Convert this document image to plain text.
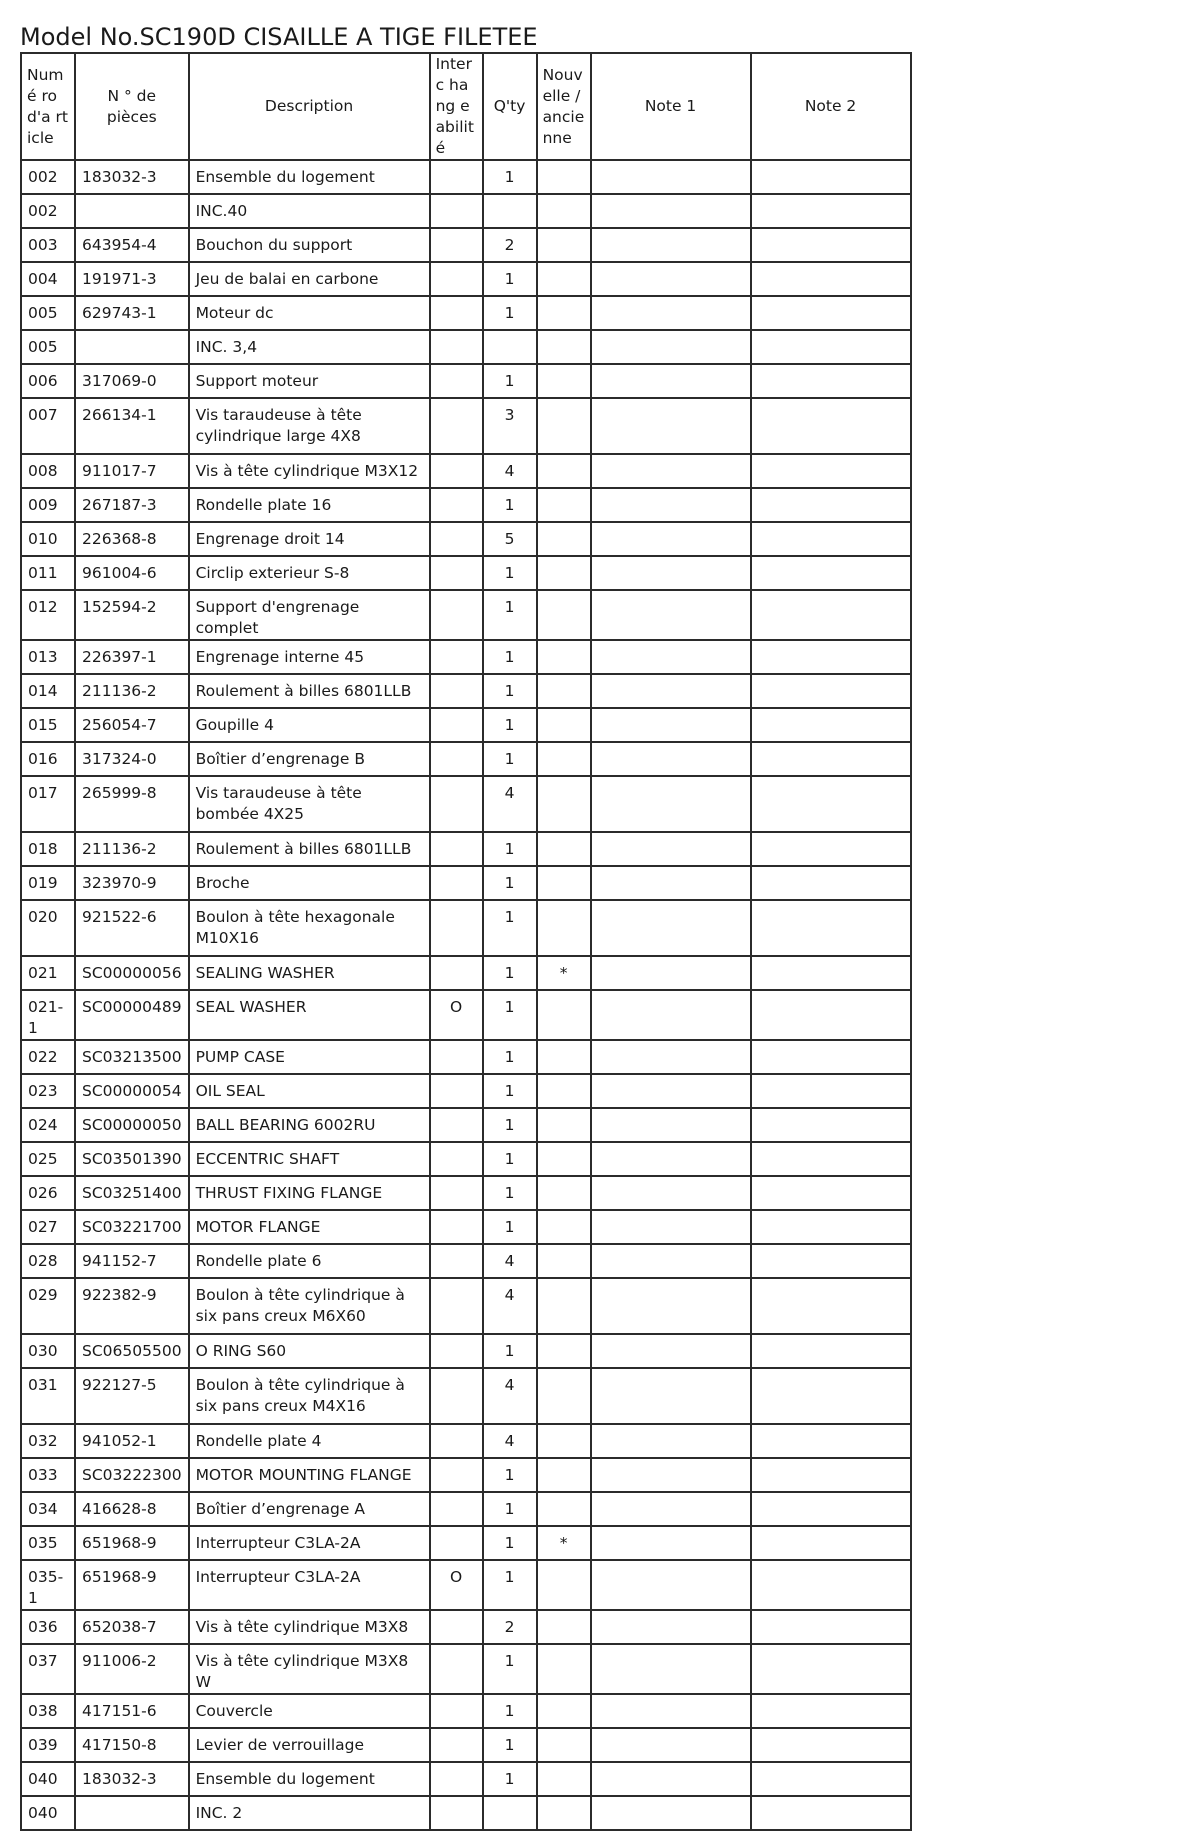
Model No.SC190D CISAILLE A TIGE FILETEE
Numé ro d'a rticle	N ° de pièces	Description	Interc hang eabilit é	Q'ty	Nouv elle / ancie nne	Note 1	Note 2
002	183032-3	Ensemble du logement		1			
002		INC.40					
003	643954-4	Bouchon du support		2			
004	191971-3	Jeu de balai en carbone		1			
005	629743-1	Moteur dc		1			
005		INC. 3,4					
006	317069-0	Support moteur		1			
007	266134-1	Vis taraudeuse à tête cylindrique large 4X8		3			
008	911017-7	Vis à tête cylindrique M3X12		4			
009	267187-3	Rondelle plate 16		1			
010	226368-8	Engrenage droit 14		5			
011	961004-6	Circlip exterieur S-8		1			
012	152594-2	Support d'engrenage complet		1			
013	226397-1	Engrenage interne 45		1			
014	211136-2	Roulement à billes 6801LLB		1			
015	256054-7	Goupille 4		1			
016	317324-0	Boîtier d’engrenage B		1			
017	265999-8	Vis taraudeuse à tête bombée 4X25		4			
018	211136-2	Roulement à billes 6801LLB		1			
019	323970-9	Broche		1			
020	921522-6	Boulon à tête hexagonale M10X16		1			
021	SC00000056	SEALING WASHER		1	*		
021-1	SC00000489	SEAL WASHER	O	1			
022	SC03213500	PUMP CASE		1			
023	SC00000054	OIL SEAL		1			
024	SC00000050	BALL BEARING 6002RU		1			
025	SC03501390	ECCENTRIC SHAFT		1			
026	SC03251400	THRUST FIXING FLANGE		1			
027	SC03221700	MOTOR FLANGE		1			
028	941152-7	Rondelle plate 6		4			
029	922382-9	Boulon à tête cylindrique à six pans creux M6X60		4			
030	SC06505500	O RING S60		1			
031	922127-5	Boulon à tête cylindrique à six pans creux M4X16		4			
032	941052-1	Rondelle plate 4		4			
033	SC03222300	MOTOR MOUNTING FLANGE		1			
034	416628-8	Boîtier d’engrenage A		1			
035	651968-9	Interrupteur C3LA-2A		1	*		
035-1	651968-9	Interrupteur C3LA-2A	O	1			
036	652038-7	Vis à tête cylindrique M3X8		2			
037	911006-2	Vis à tête cylindrique M3X8 W		1			
038	417151-6	Couvercle		1			
039	417150-8	Levier de verrouillage		1			
040	183032-3	Ensemble du logement		1			
040		INC. 2					
